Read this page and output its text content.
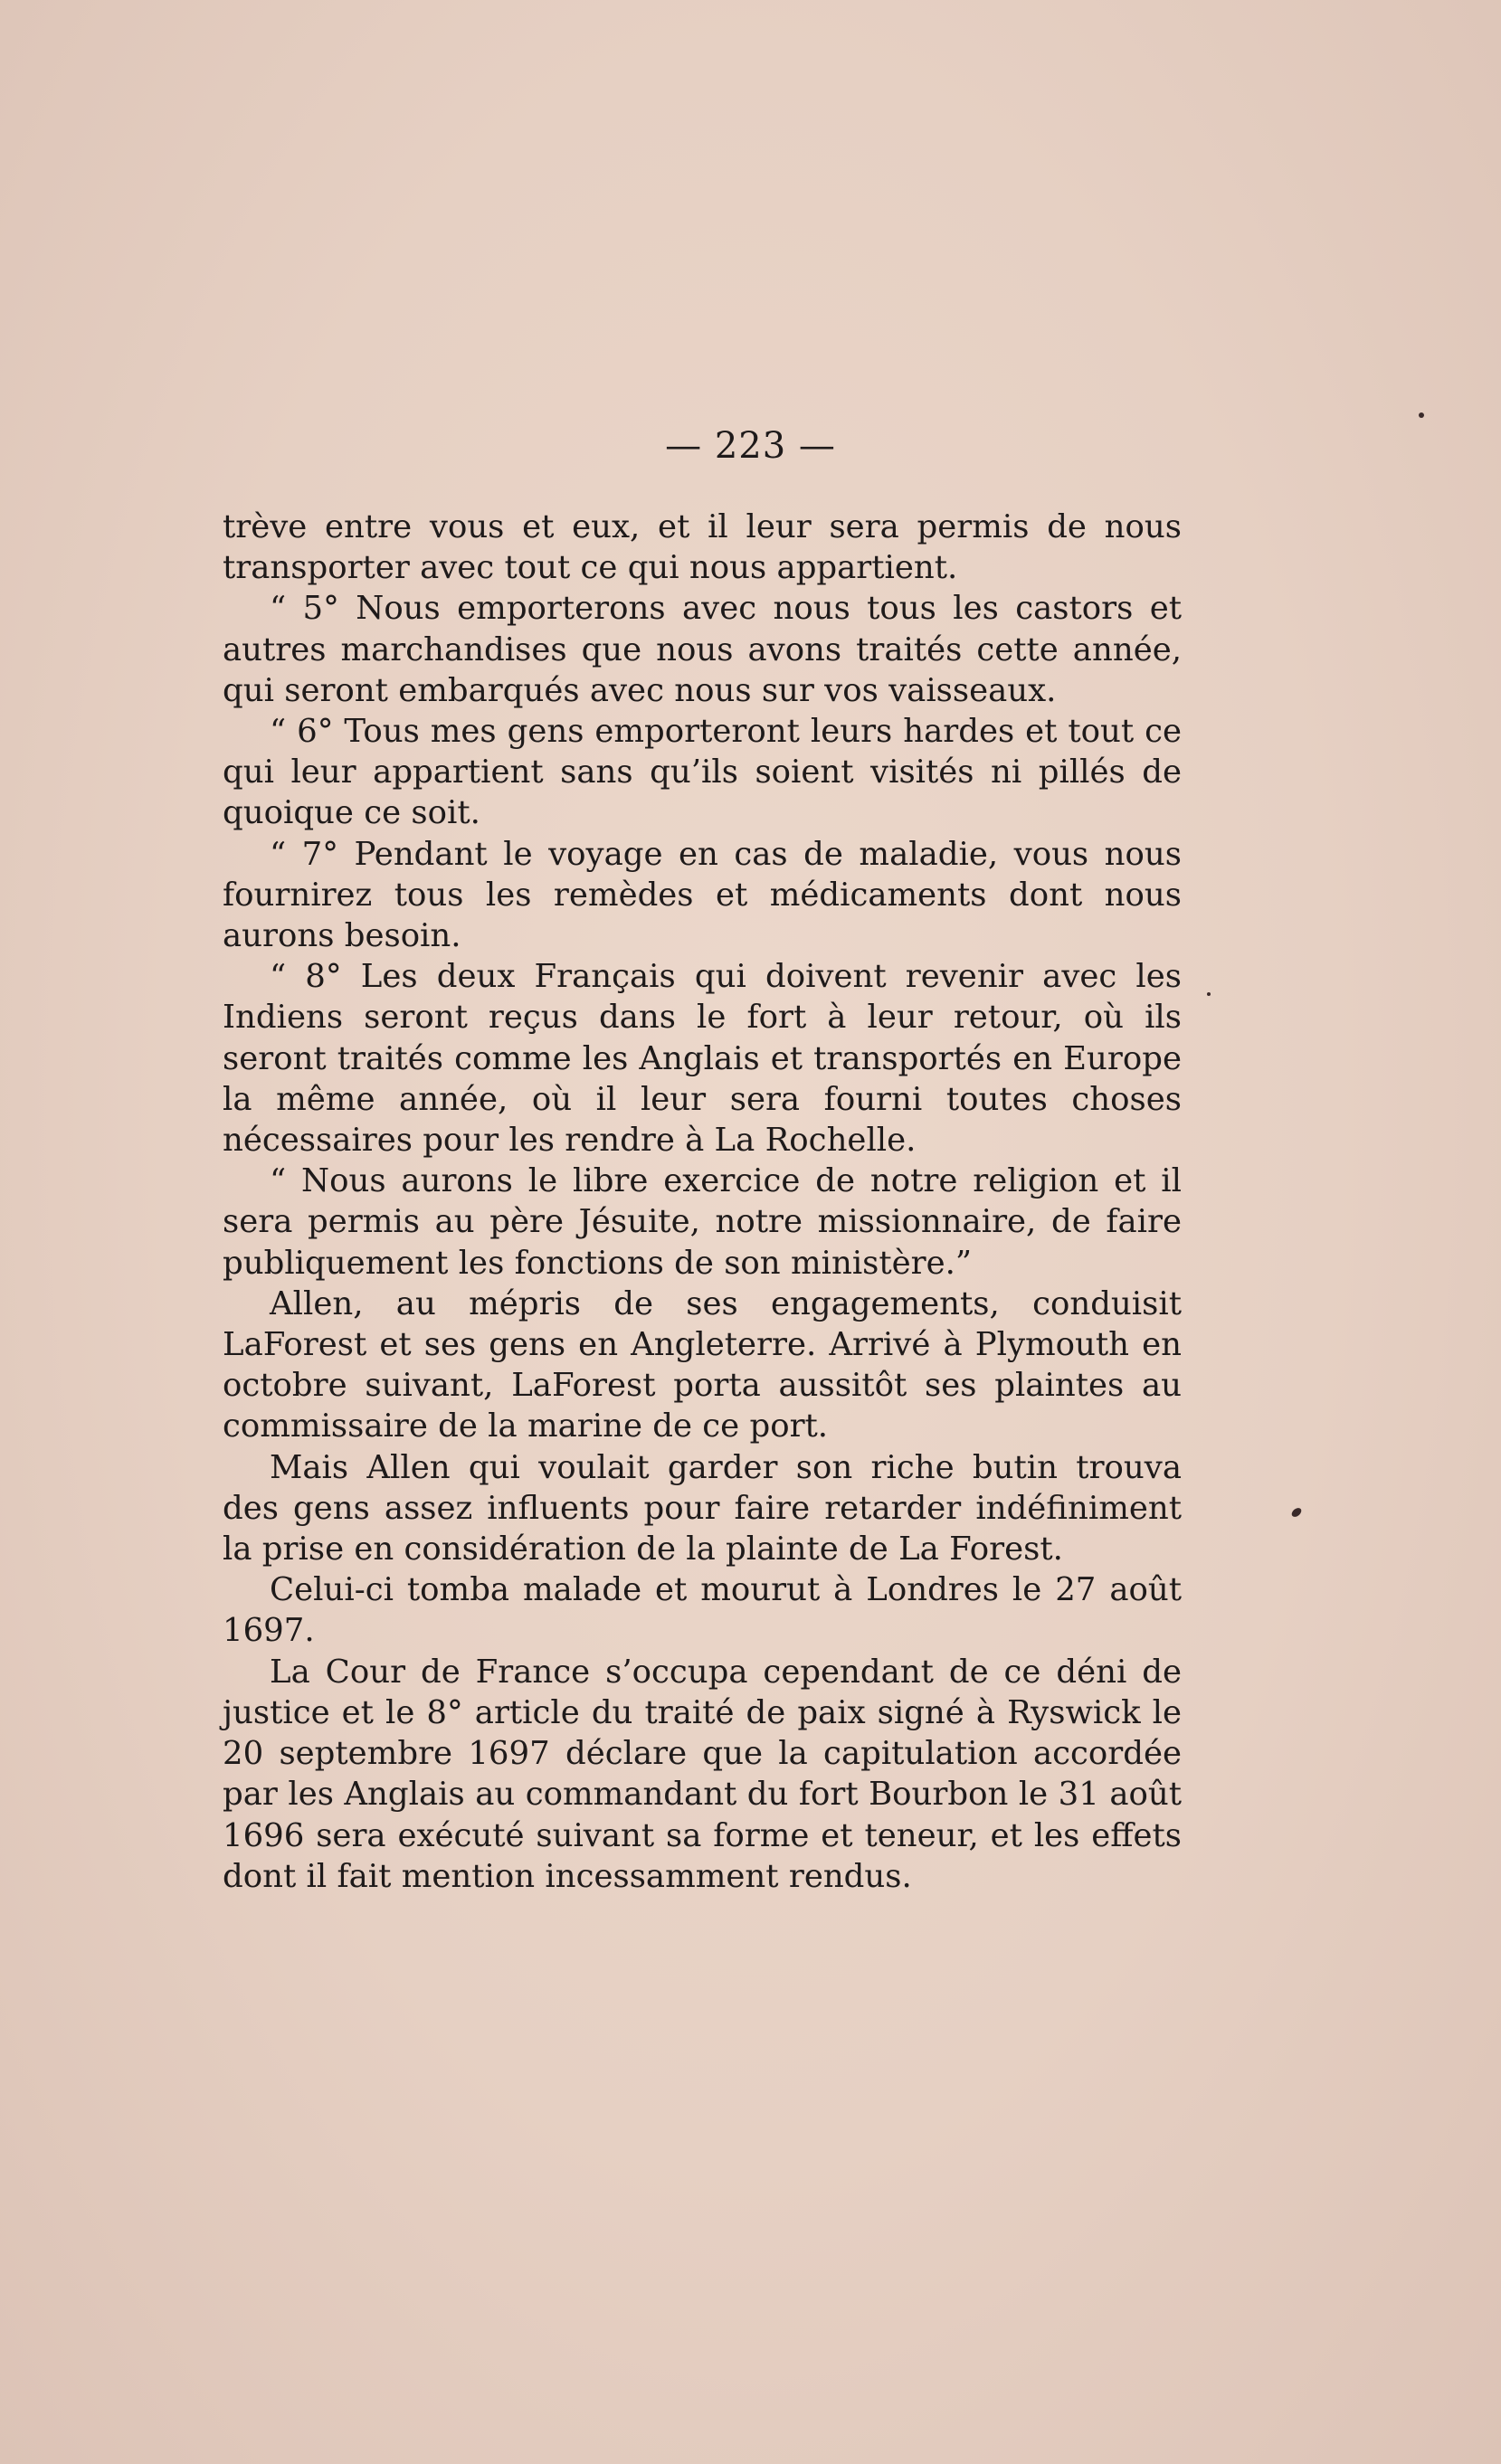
— 223 —

trève entre vous et eux, et il leur sera permis de nous transporter avec tout ce qui nous appartient.

“ 5° Nous emporterons avec nous tous les castors et autres marchandises que nous avons traités cette année, qui seront embarqués avec nous sur vos vaisseaux.

“ 6° Tous mes gens emporteront leurs hardes et tout ce qui leur appartient sans qu’ils soient visités ni pillés de quoique ce soit.

“ 7° Pendant le voyage en cas de maladie, vous nous fournirez tous les remèdes et médicaments dont nous aurons besoin.

“ 8° Les deux Français qui doivent revenir avec les Indiens seront reçus dans le fort à leur retour, où ils seront traités comme les Anglais et transportés en Europe la même année, où il leur sera fourni toutes choses nécessaires pour les rendre à La Rochelle.

“ Nous aurons le libre exercice de notre religion et il sera permis au père Jésuite, notre missionnaire, de faire publiquement les fonctions de son ministère.”

Allen, au mépris de ses engagements, conduisit LaForest et ses gens en Angleterre. Arrivé à Plymouth en octobre suivant, LaForest porta aussitôt ses plaintes au commissaire de la marine de ce port.

Mais Allen qui voulait garder son riche butin trouva des gens assez influents pour faire retarder indéfiniment la prise en considération de la plainte de La Forest.

Celui-ci tomba malade et mourut à Londres le 27 août 1697.

La Cour de France s’occupa cependant de ce déni de justice et le 8° article du traité de paix signé à Ryswick le 20 septembre 1697 déclare que la capitulation accordée par les Anglais au commandant du fort Bourbon le 31 août 1696 sera exécuté suivant sa forme et teneur, et les effets dont il fait mention incessamment rendus.
